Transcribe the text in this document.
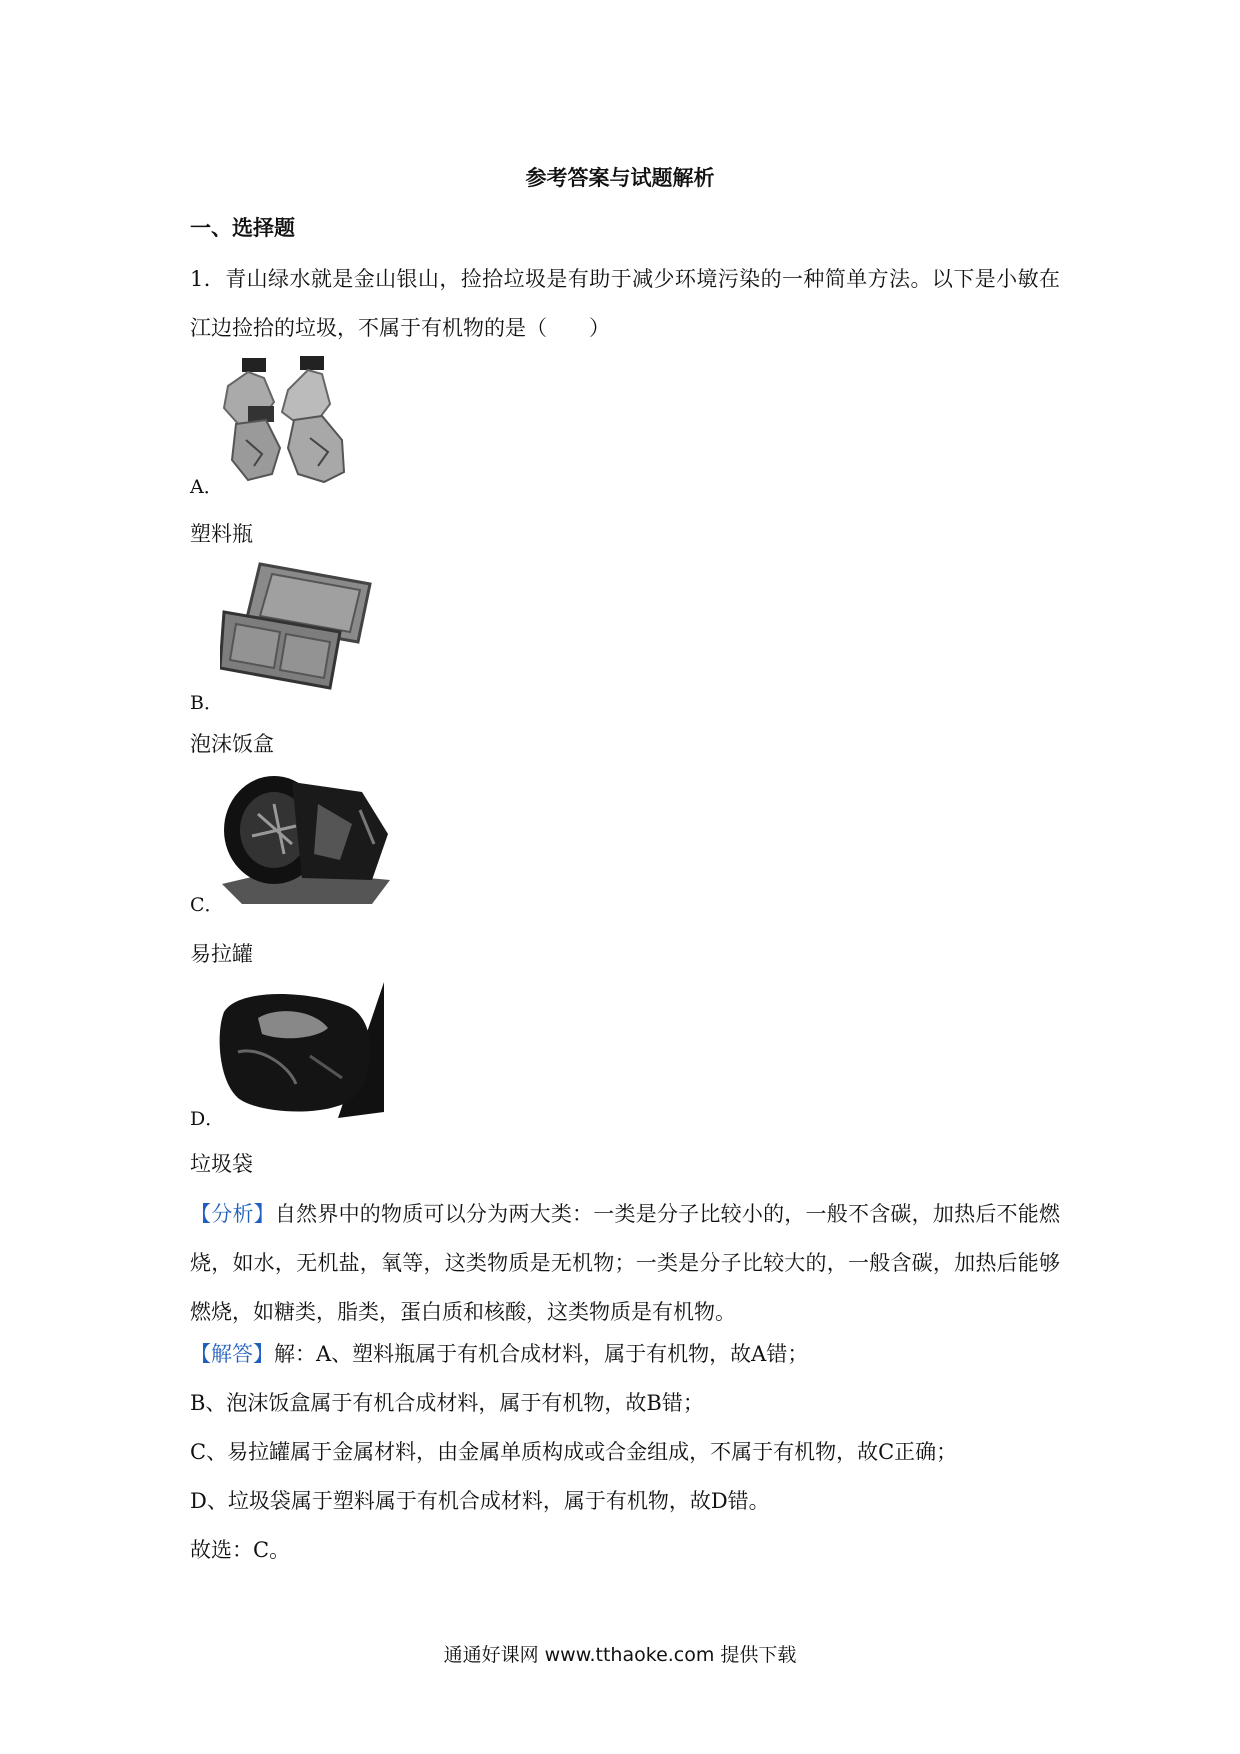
参考答案与试题解析
一、选择题
1．青山绿水就是金山银山，捡拾垃圾是有助于减少环境污染的一种简单方法。以下是小敏在江边捡拾的垃圾，不属于有机物的是（　　）
A．
塑料瓶
B．
泡沫饭盒
C．
易拉罐
D．
垃圾袋
【分析】自然界中的物质可以分为两大类：一类是分子比较小的，一般不含碳，加热后不能燃烧，如水，无机盐，氧等，这类物质是无机物；一类是分子比较大的，一般含碳，加热后能够燃烧，如糖类，脂类，蛋白质和核酸，这类物质是有机物。
【解答】解：A、塑料瓶属于有机合成材料，属于有机物，故A错；
B、泡沫饭盒属于有机合成材料，属于有机物，故B错；
C、易拉罐属于金属材料，由金属单质构成或合金组成，不属于有机物，故C正确；
D、垃圾袋属于塑料属于有机合成材料，属于有机物，故D错。
故选：C。
通通好课网 www.tthaoke.com 提供下载
